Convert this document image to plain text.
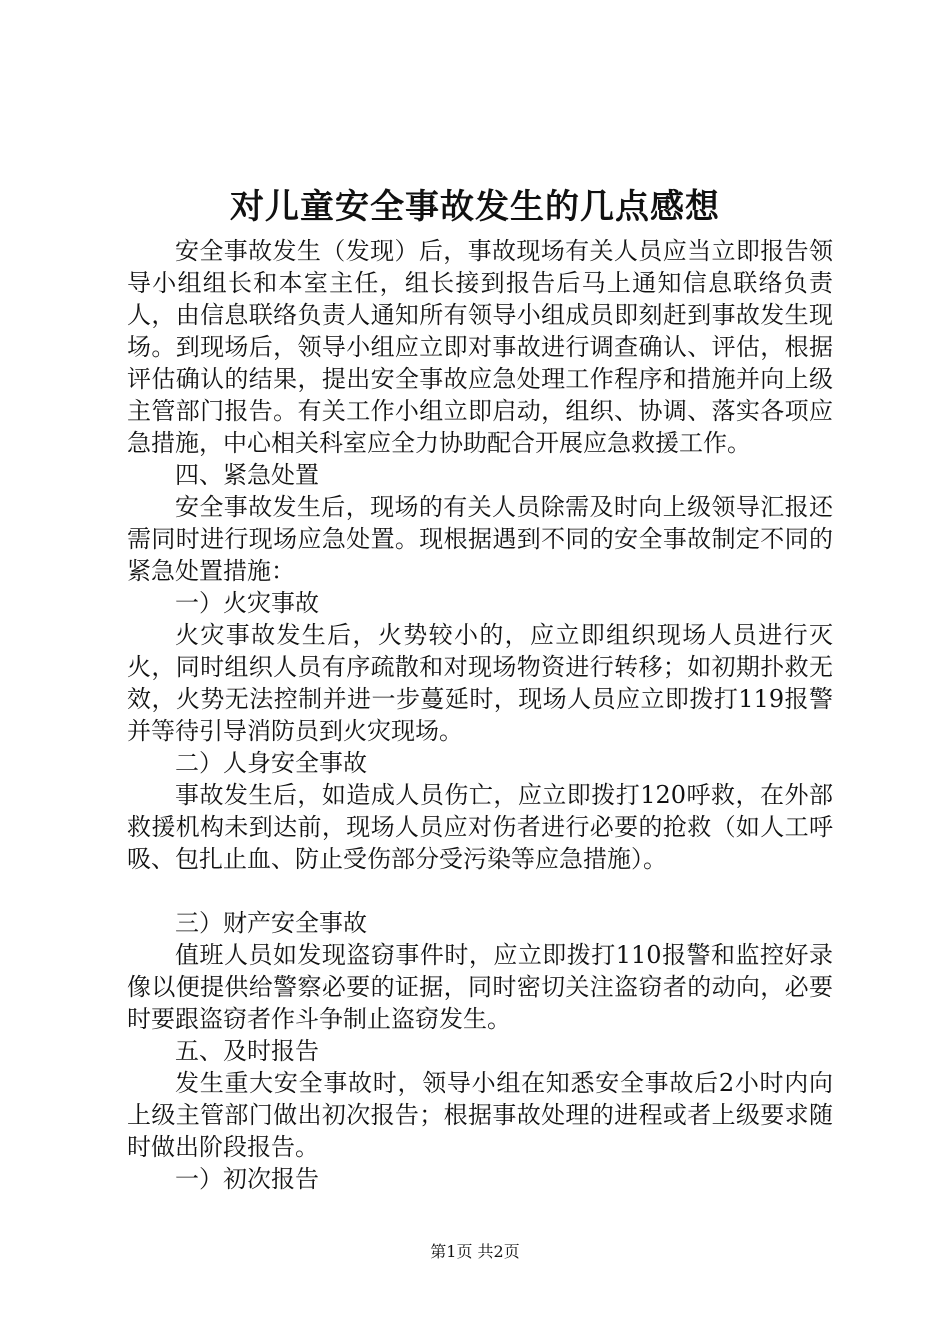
对儿童安全事故发生的几点感想

安全事故发生（发现）后，事故现场有关人员应当立即报告领导小组组长和本室主任，组长接到报告后马上通知信息联络负责人，由信息联络负责人通知所有领导小组成员即刻赶到事故发生现场。到现场后，领导小组应立即对事故进行调查确认、评估，根据评估确认的结果，提出安全事故应急处理工作程序和措施并向上级主管部门报告。有关工作小组立即启动，组织、协调、落实各项应急措施，中心相关科室应全力协助配合开展应急救援工作。

四、紧急处置

安全事故发生后，现场的有关人员除需及时向上级领导汇报还需同时进行现场应急处置。现根据遇到不同的安全事故制定不同的紧急处置措施：

一）火灾事故

火灾事故发生后，火势较小的，应立即组织现场人员进行灭火，同时组织人员有序疏散和对现场物资进行转移；如初期扑救无效，火势无法控制并进一步蔓延时，现场人员应立即拨打119报警并等待引导消防员到火灾现场。

二）人身安全事故

事故发生后，如造成人员伤亡，应立即拨打120呼救，在外部救援机构未到达前，现场人员应对伤者进行必要的抢救（如人工呼吸、包扎止血、防止受伤部分受污染等应急措施）。

三）财产安全事故

值班人员如发现盗窃事件时，应立即拨打110报警和监控好录像以便提供给警察必要的证据，同时密切关注盗窃者的动向，必要时要跟盗窃者作斗争制止盗窃发生。

五、及时报告

发生重大安全事故时，领导小组在知悉安全事故后2小时内向上级主管部门做出初次报告；根据事故处理的进程或者上级要求随时做出阶段报告。

一）初次报告

第1页 共2页
